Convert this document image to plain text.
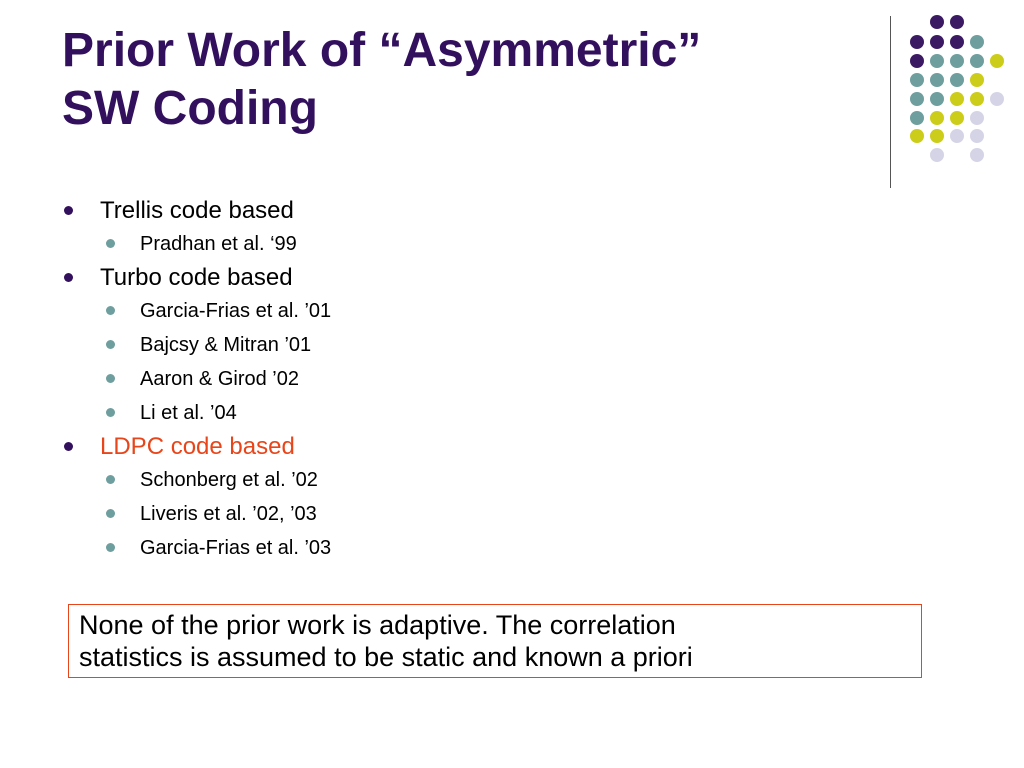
Prior Work of “Asymmetric”
SW Coding
Trellis code based
Pradhan et al. ‘99
Turbo code based
Garcia-Frias et al. ’01
Bajcsy & Mitran ’01
Aaron & Girod ’02
Li et al. ’04
LDPC code based
Schonberg et al. ’02
Liveris et al. ’02, ’03
Garcia-Frias et al. ’03
None of the prior work is adaptive. The correlation
statistics is assumed to be static and known a priori
